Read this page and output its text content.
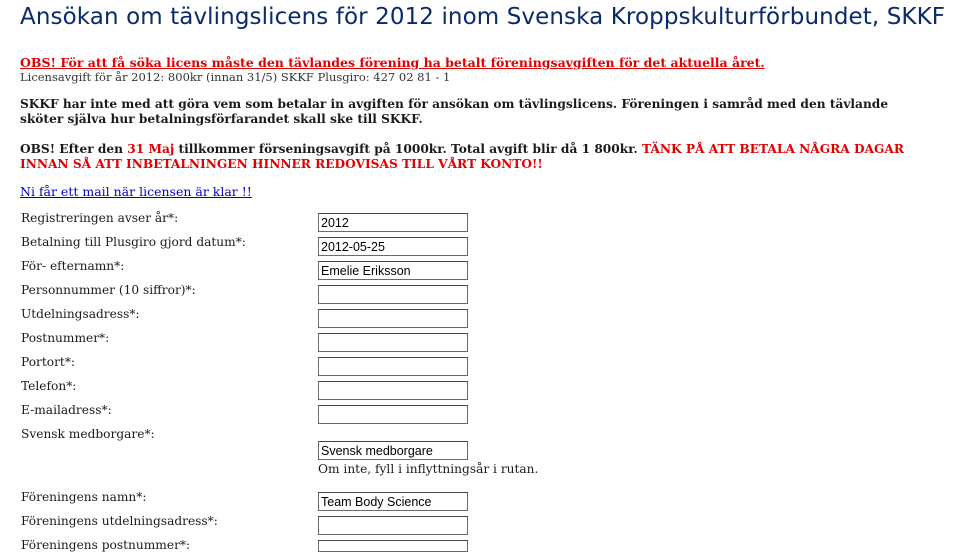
Ansökan om tävlingslicens för 2012 inom Svenska Kroppskulturförbundet, SKKF
OBS! För att få söka licens måste den tävlandes förening ha betalt föreningsavgiften för det aktuella året.
Licensavgift för år 2012: 800kr (innan 31/5) SKKF Plusgiro: 427 02 81 - 1
SKKF har inte med att göra vem som betalar in avgiften för ansökan om tävlingslicens. Föreningen i samråd med den tävlande sköter själva hur betalningsförfarandet skall ske till SKKF.
OBS! Efter den 31 Maj tillkommer förseningsavgift på 1000kr. Total avgift blir då 1 800kr. TÄNK PÅ ATT BETALA NÅGRA DAGAR INNAN SÅ ATT INBETALNINGEN HINNER REDOVISAS TILL VÅRT KONTO!!
Ni får ett mail när licensen är klar !!
Registreringen avser år*:
2012
Betalning till Plusgiro gjord datum*:
2012-05-25
För- efternamn*:
Emelie Eriksson
Personnummer (10 siffror)*:
Utdelningsadress*:
Postnummer*:
Portort*:
Telefon*:
E-mailadress*:
Svensk medborgare*:
Svensk medborgare
Om inte, fyll i inflyttningsår i rutan.
Föreningens namn*:
Team Body Science
Föreningens utdelningsadress*:
Föreningens postnummer*:
